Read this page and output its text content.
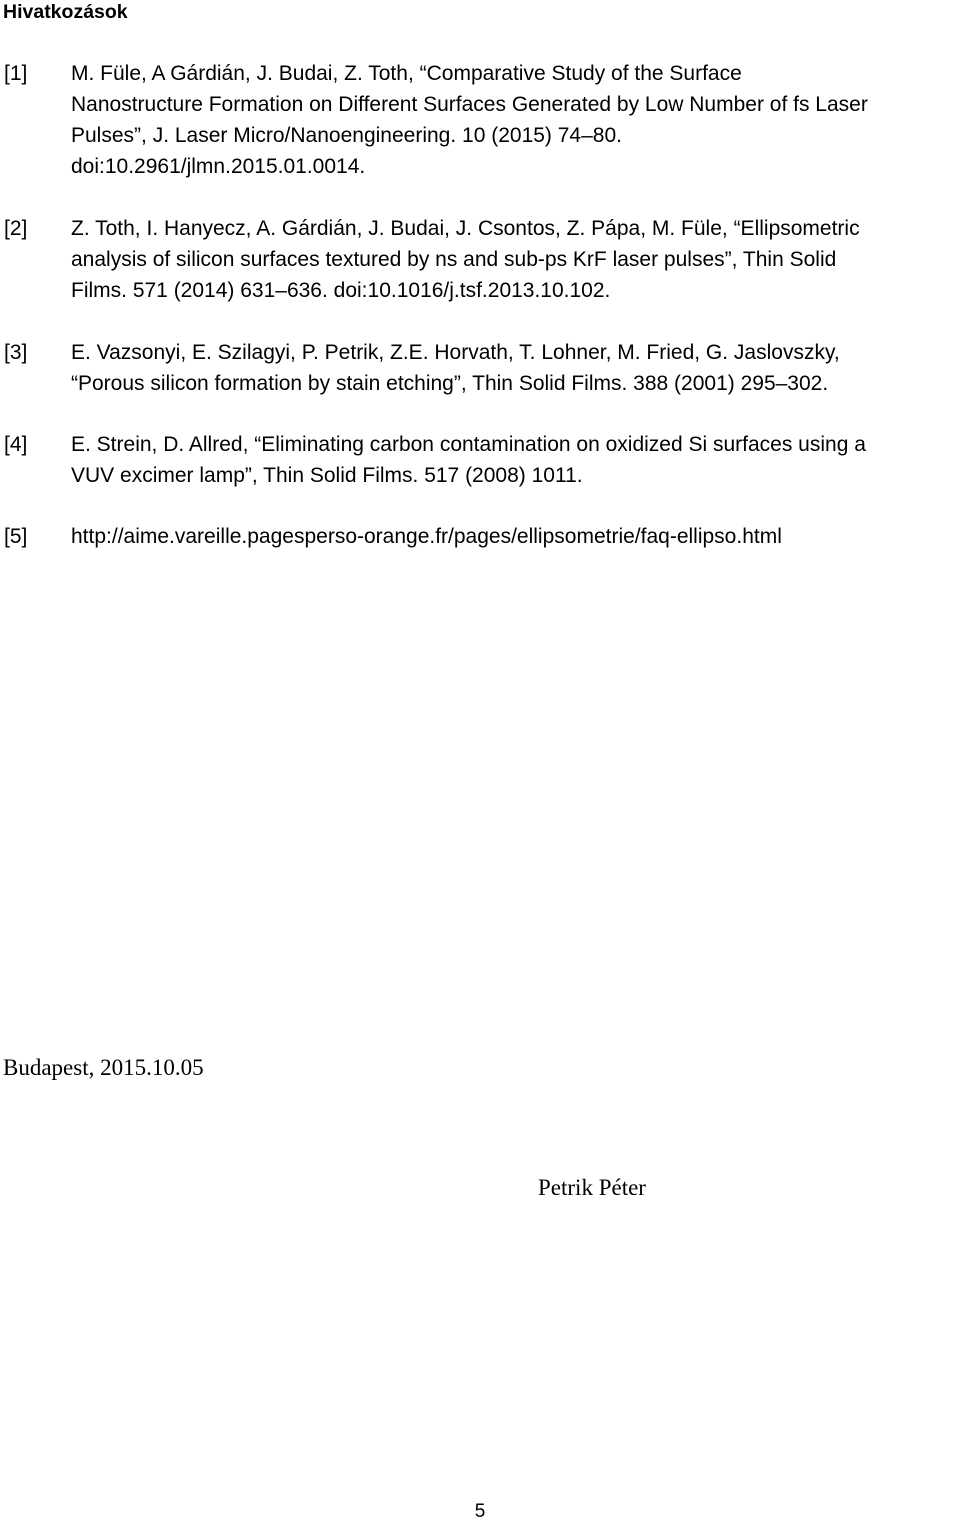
Hivatkozások
[1] M. Füle, A Gárdián, J. Budai, Z. Toth, “Comparative Study of the Surface
Nanostructure Formation on Different Surfaces Generated by Low Number of fs Laser
Pulses”, J. Laser Micro/Nanoengineering. 10 (2015) 74–80.
doi:10.2961/jlmn.2015.01.0014.
[2] Z. Toth, I. Hanyecz, A. Gárdián, J. Budai, J. Csontos, Z. Pápa, M. Füle, “Ellipsometric
analysis of silicon surfaces textured by ns and sub-ps KrF laser pulses”, Thin Solid
Films. 571 (2014) 631–636. doi:10.1016/j.tsf.2013.10.102.
[3] E. Vazsonyi, E. Szilagyi, P. Petrik, Z.E. Horvath, T. Lohner, M. Fried, G. Jaslovszky,
“Porous silicon formation by stain etching”, Thin Solid Films. 388 (2001) 295–302.
[4] E. Strein, D. Allred, “Eliminating carbon contamination on oxidized Si surfaces using a
VUV excimer lamp”, Thin Solid Films. 517 (2008) 1011.
[5] http://aime.vareille.pagesperso-orange.fr/pages/ellipsometrie/faq-ellipso.html
Budapest, 2015.10.05
Petrik Péter
5
